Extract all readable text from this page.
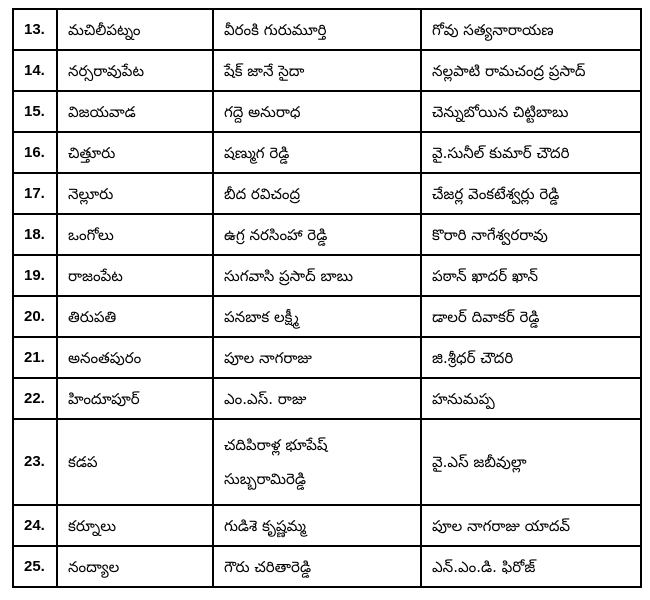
13.	మచిలీపట్నం	వీరంకి గురుమూర్తి	గోవు సత్యనారాయణ

14.	నర్సరావుపేట	షేక్ జానే సైదా	నల్లపాటి రామచంద్ర ప్రసాద్

15.	విజయవాడ	గద్దె అనురాధ	చెన్నుబోయిన చిట్టిబాబు

16.	చిత్తూరు	షణ్ముగ రెడ్డి	వై.సునీల్ కుమార్ చౌదరి

17.	నెల్లూరు	బీద రవిచంద్ర	చేజర్ల వెంకటేశ్వర్లు రెడ్డి

18.	ఒంగోలు	ఉగ్ర నరసింహా రెడ్డి	కొరారి నాగేశ్వరరావు

19.	రాజంపేట	సుగవాసి ప్రసాద్ బాబు	పఠాన్ ఖాదర్ ఖాన్

20.	తిరుపతి	పనబాక లక్ష్మీ	డాలర్ దివాకర్ రెడ్డి

21.	అనంతపురం	పూల నాగరాజు	జి.శ్రీధర్ చౌదరి

22.	హిందూపూర్	ఎం.ఎస్. రాజు	హనుమప్ప

23.	కడప	చదిపిరాళ్ల భూపేష్
సుబ్బరామిరెడ్డి	వై.ఎస్ జబీవుల్లా

24.	కర్నూలు	గుడిశె కృష్ణమ్మ	పూల నాగరాజు యాదవ్

25.	నంద్యాల	గౌరు చరితారెడ్డి	ఎన్.ఎం.డి. ఫిరోజ్
